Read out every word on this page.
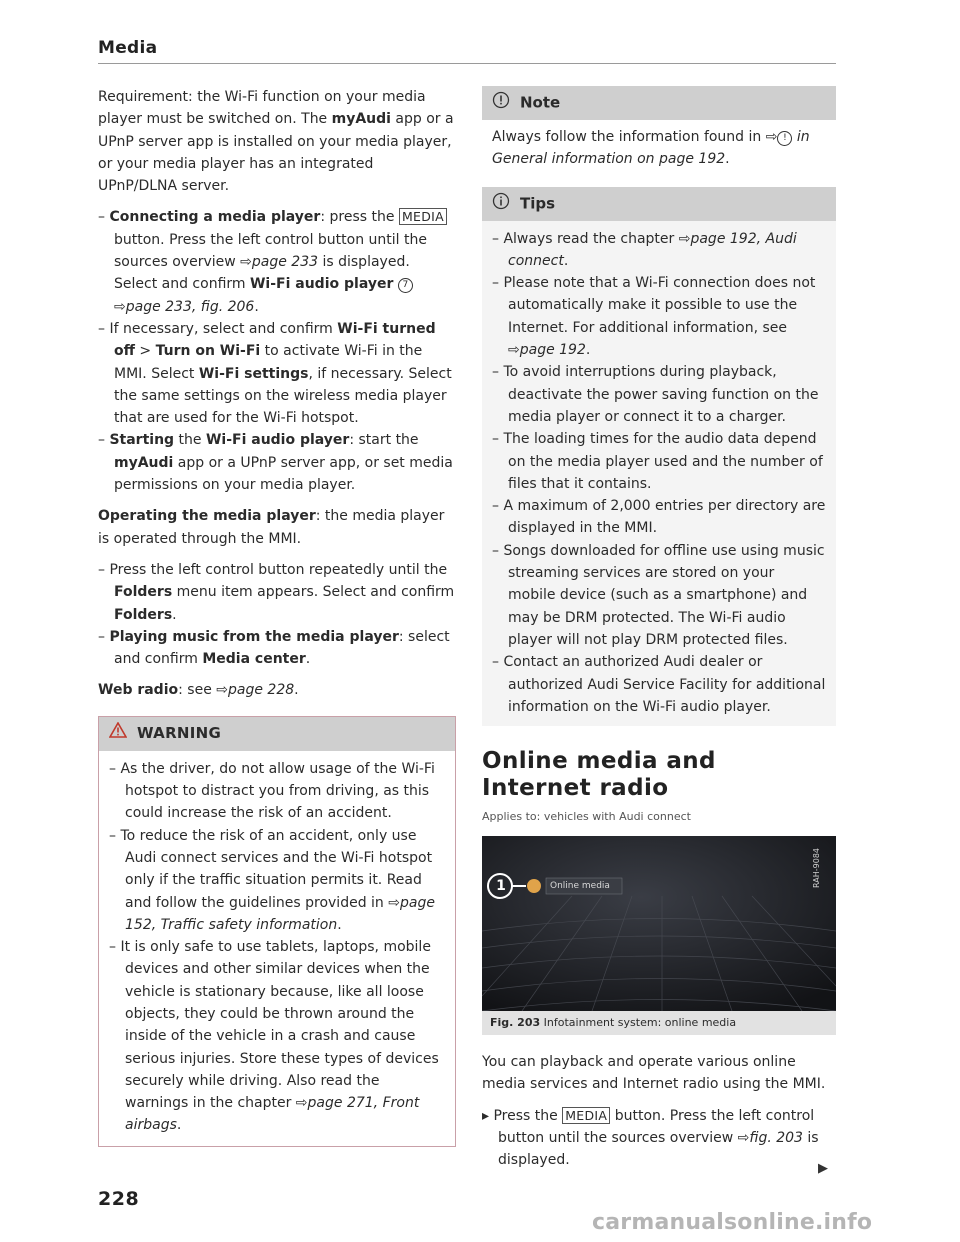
Media

Requirement: the Wi-Fi function on your media player must be switched on. The myAudi app or a UPnP server app is installed on your media player, or your media player has an integrated UPnP/DLNA server.

– Connecting a media player: press the MEDIA button. Press the left control button until the sources overview ⇨page 233 is displayed. Select and confirm Wi-Fi audio player 7 ⇨page 233, fig. 206.
– If necessary, select and confirm Wi-Fi turned off > Turn on Wi-Fi to activate Wi-Fi in the MMI. Select Wi-Fi settings, if necessary. Select the same settings on the wireless media player that are used for the Wi-Fi hotspot.
– Starting the Wi-Fi audio player: start the myAudi app or a UPnP server app, or set media permissions on your media player.

Operating the media player: the media player is operated through the MMI.

– Press the left control button repeatedly until the Folders menu item appears. Select and confirm Folders.
– Playing music from the media player: select and confirm Media center.

Web radio: see ⇨page 228.

WARNING
– As the driver, do not allow usage of the Wi-Fi hotspot to distract you from driving, as this could increase the risk of an accident.
– To reduce the risk of an accident, only use Audi connect services and the Wi-Fi hotspot only if the traffic situation permits it. Read and follow the guidelines provided in ⇨page 152, Traffic safety information.
– It is only safe to use tablets, laptops, mobile devices and other similar devices when the vehicle is stationary because, like all loose objects, they could be thrown around the inside of the vehicle in a crash and cause serious injuries. Store these types of devices securely while driving. Also read the warnings in the chapter ⇨page 271, Front airbags.
Note
Always follow the information found in ⇨ ! in General information on page 192.
Tips
– Always read the chapter ⇨page 192, Audi connect.
– Please note that a Wi-Fi connection does not automatically make it possible to use the Internet. For additional information, see ⇨page 192.
– To avoid interruptions during playback, deactivate the power saving function on the media player or connect it to a charger.
– The loading times for the audio data depend on the media player used and the number of files that it contains.
– A maximum of 2,000 entries per directory are displayed in the MMI.
– Songs downloaded for offline use using music streaming services are stored on your mobile device (such as a smartphone) and may be DRM protected. The Wi-Fi audio player will not play DRM protected files.
– Contact an authorized Audi dealer or authorized Audi Service Facility for additional information on the Wi-Fi audio player.
Online media and
Internet radio
Applies to: vehicles with Audi connect
1	Online media	RAH-9084
Fig. 203 Infotainment system: online media

You can playback and operate various online media services and Internet radio using the MMI.

▸ Press the MEDIA button. Press the left control button until the sources overview ⇨fig. 203 is displayed.
▶
228
carmanualsonline.info
